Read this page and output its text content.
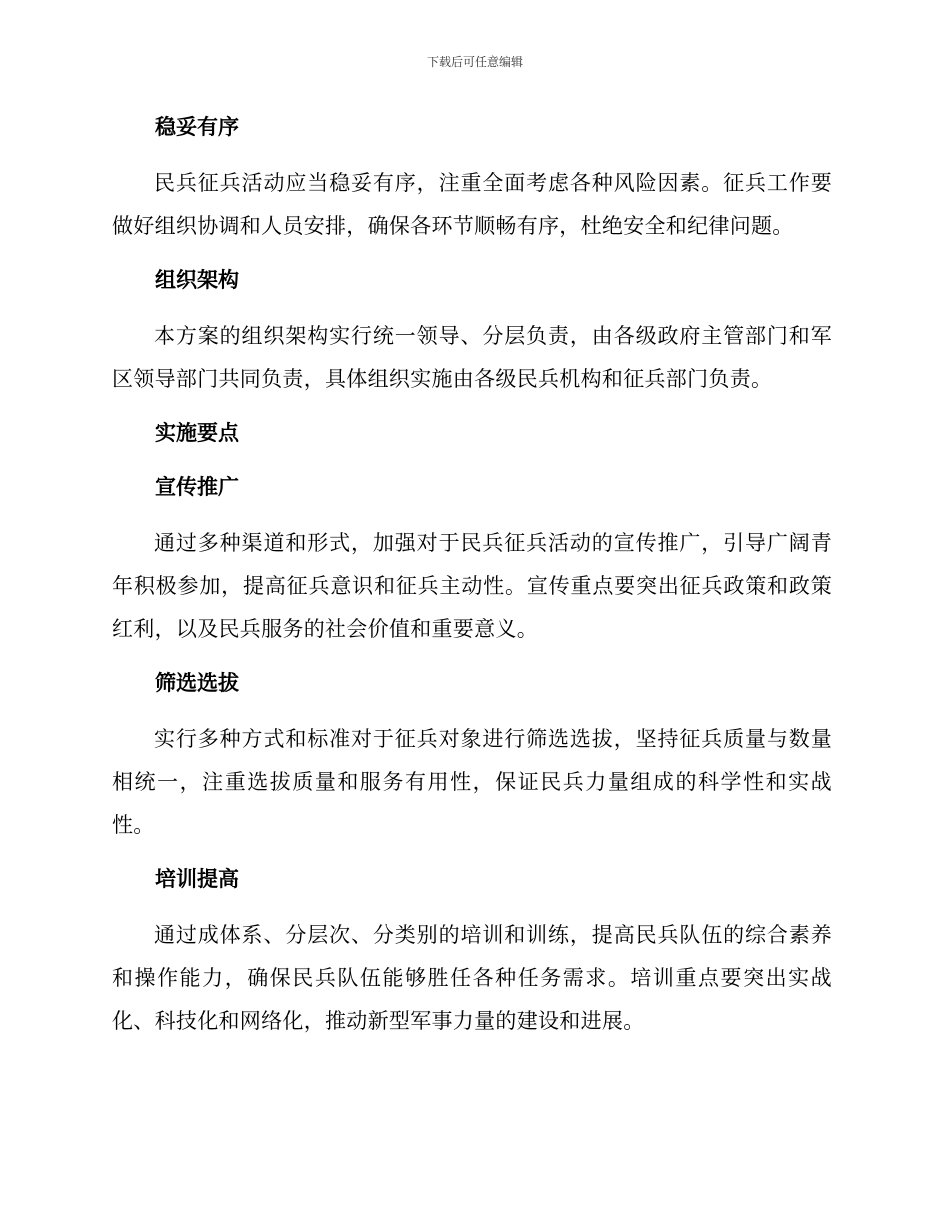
下载后可任意编辑
稳妥有序

民兵征兵活动应当稳妥有序，注重全面考虑各种风险因素。征兵工作要做好组织协调和人员安排，确保各环节顺畅有序，杜绝安全和纪律问题。

组织架构

本方案的组织架构实行统一领导、分层负责，由各级政府主管部门和军区领导部门共同负责，具体组织实施由各级民兵机构和征兵部门负责。

实施要点
宣传推广

通过多种渠道和形式，加强对于民兵征兵活动的宣传推广，引导广阔青年积极参加，提高征兵意识和征兵主动性。宣传重点要突出征兵政策和政策红利，以及民兵服务的社会价值和重要意义。

筛选选拔

实行多种方式和标准对于征兵对象进行筛选选拔，坚持征兵质量与数量相统一，注重选拔质量和服务有用性，保证民兵力量组成的科学性和实战性。

培训提高

通过成体系、分层次、分类别的培训和训练，提高民兵队伍的综合素养和操作能力，确保民兵队伍能够胜任各种任务需求。培训重点要突出实战化、科技化和网络化，推动新型军事力量的建设和进展。
